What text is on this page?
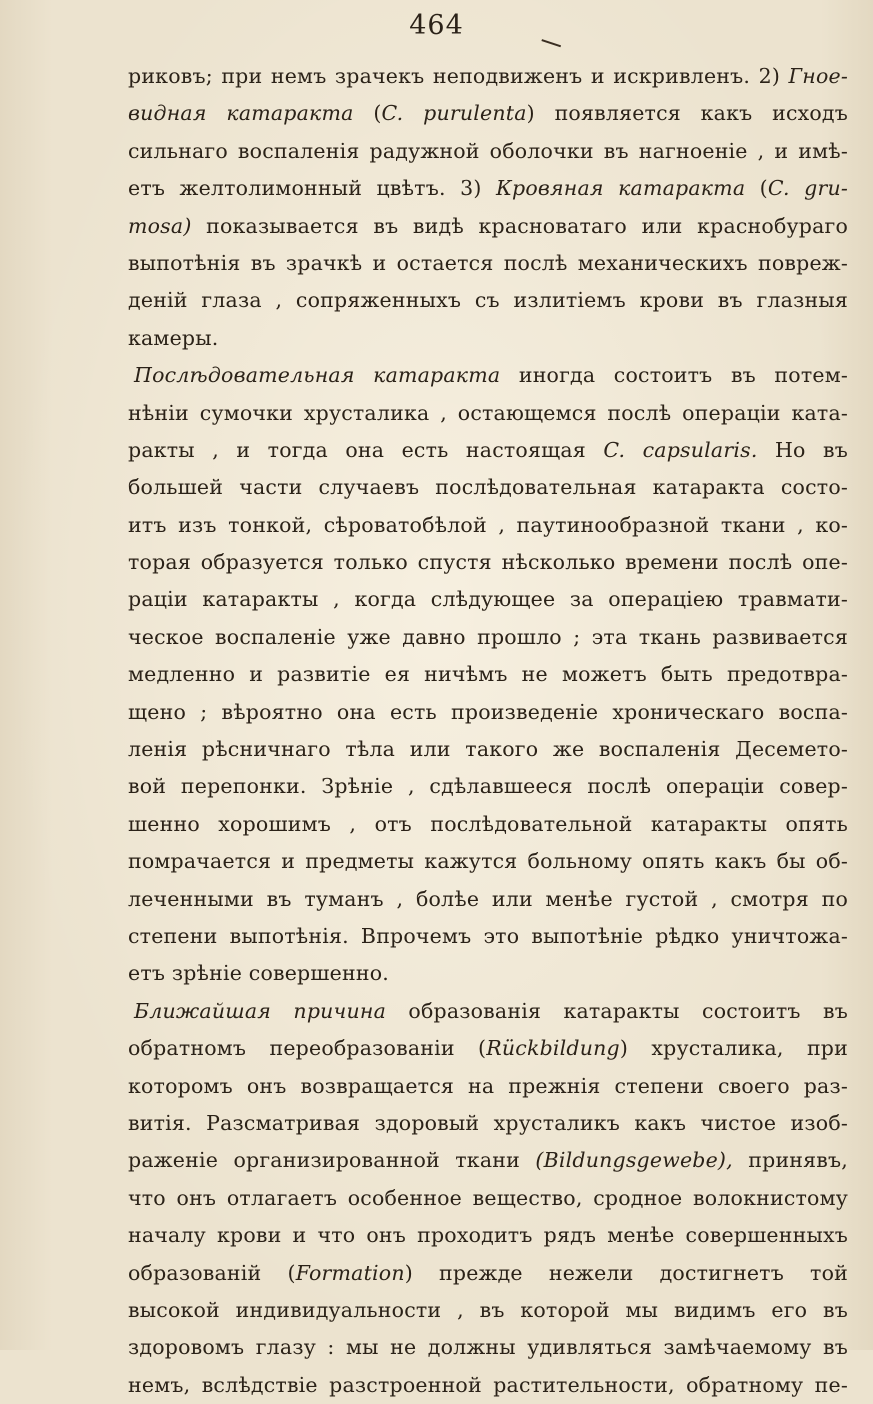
464
риковъ; при немъ зрачекъ неподвиженъ и искривленъ. 2) Гное-
видная катаракта (C. purulenta) появляется какъ исходъ
сильнаго воспаленія радужной оболочки въ нагноеніе , и имѣ-
етъ желтолимонный цвѣтъ. 3) Кровяная катаракта (C. gru-
mosa) показывается въ видѣ красноватаго или краснобураго
выпотѣнія въ зрачкѣ и остается послѣ механическихъ повреж-
деній глаза , сопряженныхъ съ излитіемъ крови въ глазныя
камеры.
Послѣдовательная катаракта иногда состоитъ въ потем-
нѣніи сумочки хрусталика , остающемся послѣ операціи ката-
ракты , и тогда она есть настоящая C. capsularis. Но въ
большей части случаевъ послѣдовательная катаракта состо-
итъ изъ тонкой, сѣроватобѣлой , паутинообразной ткани , ко-
торая образуется только спустя нѣсколько времени послѣ опе-
раціи катаракты , когда слѣдующее за операціею травмати-
ческое воспаленіе уже давно прошло ; эта ткань развивается
медленно и развитіе ея ничѣмъ не можетъ быть предотвра-
щено ; вѣроятно она есть произведеніе хроническаго воспа-
ленія рѣсничнаго тѣла или такого же воспаленія Десемето-
вой перепонки. Зрѣніе , сдѣлавшееся послѣ операціи совер-
шенно хорошимъ , отъ послѣдовательной катаракты опять
помрачается и предметы кажутся больному опять какъ бы об-
леченными въ туманъ , болѣе или менѣе густой , смотря по
степени выпотѣнія. Впрочемъ это выпотѣніе рѣдко уничтожа-
етъ зрѣніе совершенно.
Ближайшая причина образованія катаракты состоитъ въ
обратномъ перeобразованіи (Rückbildung) хрусталика, при
которомъ онъ возвращается на прежнія степени своего раз-
витія. Разсматривая здоровый хрусталикъ какъ чистое изоб-
раженіе организированной ткани (Bildungsgewebe), принявъ,
что онъ отлагаетъ особенное вещество, сродное волокнистому
началу крови и что онъ проходитъ рядъ менѣе совершенныхъ
образованій (Formation) прежде нежели достигнетъ той
высокой индивидуальности , въ которой мы видимъ его въ
здоровомъ глазу : мы не должны удивляться замѣчаемому въ
немъ, вслѣдствіе разстроенной растительности, обратному пе-
